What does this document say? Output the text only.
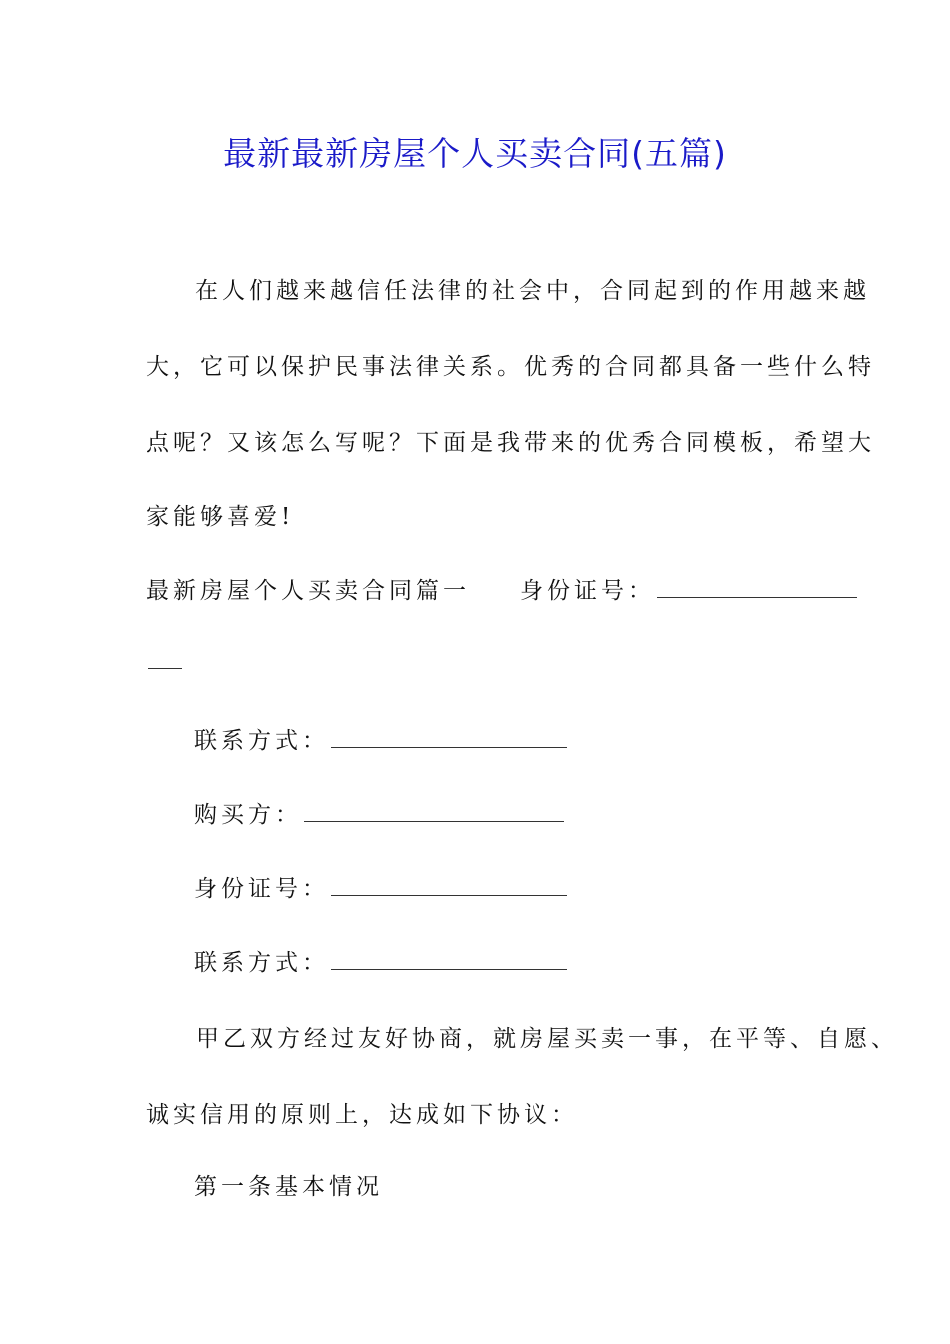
最新最新房屋个人买卖合同(五篇)
在人们越来越信任法律的社会中，合同起到的作用越来越
大，它可以保护民事法律关系。优秀的合同都具备一些什么特
点呢？又该怎么写呢？下面是我带来的优秀合同模板，希望大
家能够喜爱!
最新房屋个人买卖合同篇一 身份证号：
联系方式：
购买方：
身份证号：
联系方式：
甲乙双方经过友好协商，就房屋买卖一事，在平等、自愿、
诚实信用的原则上，达成如下协议：
第一条基本情况
